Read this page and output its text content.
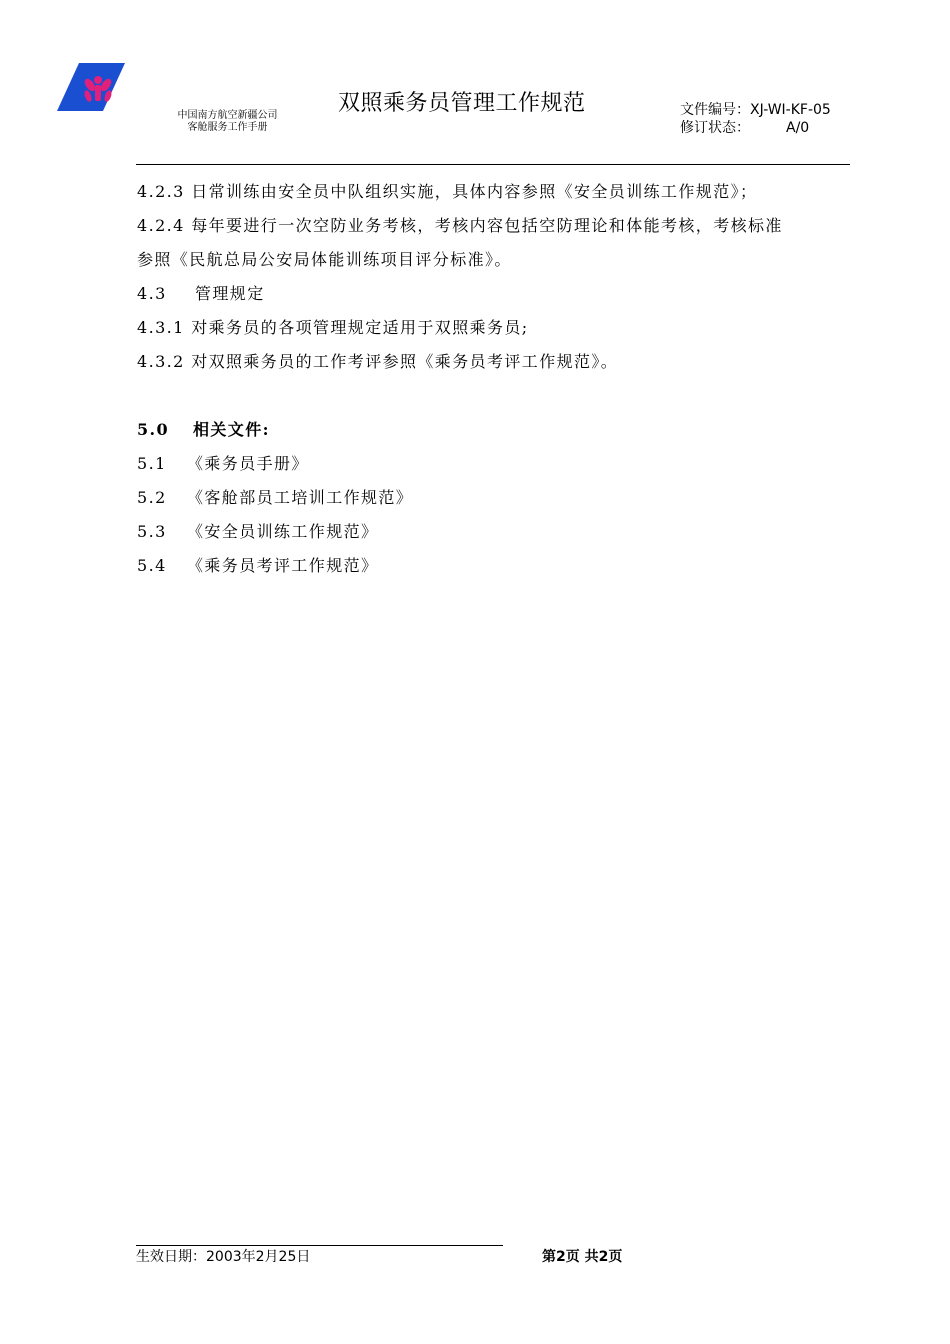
中国南方航空新疆公司
客舱服务工作手册
双照乘务员管理工作规范	文件编号：XJ-WI-KF-05
修订状态：	A/0

4.2.3 日常训练由安全员中队组织实施，具体内容参照《安全员训练工作规范》；

4.2.4 每年要进行一次空防业务考核，考核内容包括空防理论和体能考核，考核标准

参照《民航总局公安局体能训练项目评分标准》。

4.3 管理规定

4.3.1 对乘务员的各项管理规定适用于双照乘务员;

4.3.2 对双照乘务员的工作考评参照《乘务员考评工作规范》。

5.0 相关文件:

5.1 《乘务员手册》

5.2 《客舱部员工培训工作规范》

5.3 《安全员训练工作规范》

5.4 《乘务员考评工作规范》

生效日期：2003年2月25日	第2页 共2页
